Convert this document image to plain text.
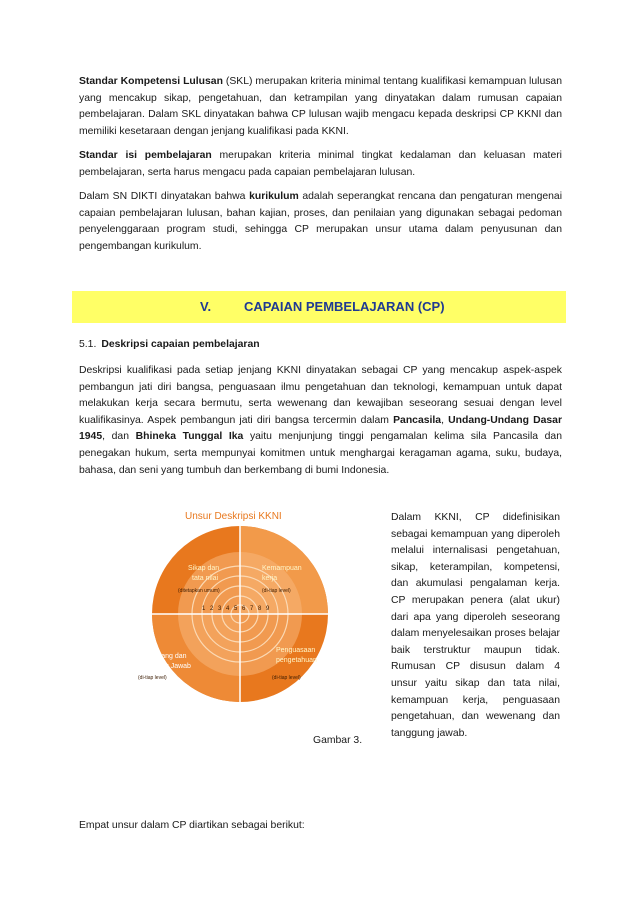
Standar Kompetensi Lulusan (SKL) merupakan kriteria minimal tentang kualifikasi kemampuan lulusan yang mencakup sikap, pengetahuan, dan ketrampilan yang dinyatakan dalam rumusan capaian pembelajaran. Dalam SKL dinyatakan bahwa CP lulusan wajib mengacu kepada deskripsi CP KKNI dan memiliki kesetaraan dengan jenjang kualifikasi pada KKNI.

Standar isi pembelajaran merupakan kriteria minimal tingkat kedalaman dan keluasan materi pembelajaran, serta harus mengacu pada capaian pembelajaran lulusan.

Dalam SN DIKTI dinyatakan bahwa kurikulum adalah seperangkat rencana dan pengaturan mengenai capaian pembelajaran lulusan, bahan kajian, proses, dan penilaian yang digunakan sebagai pedoman penyelenggaraan program studi, sehingga CP merupakan unsur utama dalam penyusunan dan pengembangan kurikulum.

V.	CAPAIAN PEMBELAJARAN (CP)
5.1. Deskripsi capaian pembelajaran

Deskripsi kualifikasi pada setiap jenjang KKNI dinyatakan sebagai CP yang mencakup aspek-aspek pembangun jati diri bangsa, penguasaan ilmu pengetahuan dan teknologi, kemampuan untuk dapat melakukan kerja secara bermutu, serta wewenang dan kewajiban seseorang sesuai dengan level kualifikasinya. Aspek pembangun jati diri bangsa tercermin dalam Pancasila, Undang-Undang Dasar 1945, dan Bhineka Tunggal Ika yaitu menjunjung tinggi pengamalan kelima sila Pancasila dan penegakan hukum, serta mempunyai komitmen untuk menghargai keragaman agama, suku, budaya, bahasa, dan seni yang tumbuh dan berkembang di bumi Indonesia.

Unsur Deskripsi KKNI
Sikap dan
tata nilai
(ditetapkan umum)
Kemampuan
kerja
(di-tiap level)
1 2 3 4 5 6 7 8 9
Wewenang dan
Tanggung Jawab
(di-tiap level)
Penguasaan
pengetahuan
(di-tiap level)

Dalam KKNI, CP didefinisikan sebagai kemampuan yang diperoleh melalui internalisasi pengetahuan, sikap, keterampilan, kompetensi, dan akumulasi pengalaman kerja. CP merupakan penera (alat ukur) dari apa yang diperoleh seseorang dalam menyelesaikan proses belajar baik terstruktur maupun tidak. Rumusan CP disusun dalam 4 unsur yaitu sikap dan tata nilai, kemampuan kerja, penguasaan pengetahuan, dan wewenang dan tanggung jawab.

Gambar 3.
Empat unsur dalam CP diartikan sebagai berikut:
